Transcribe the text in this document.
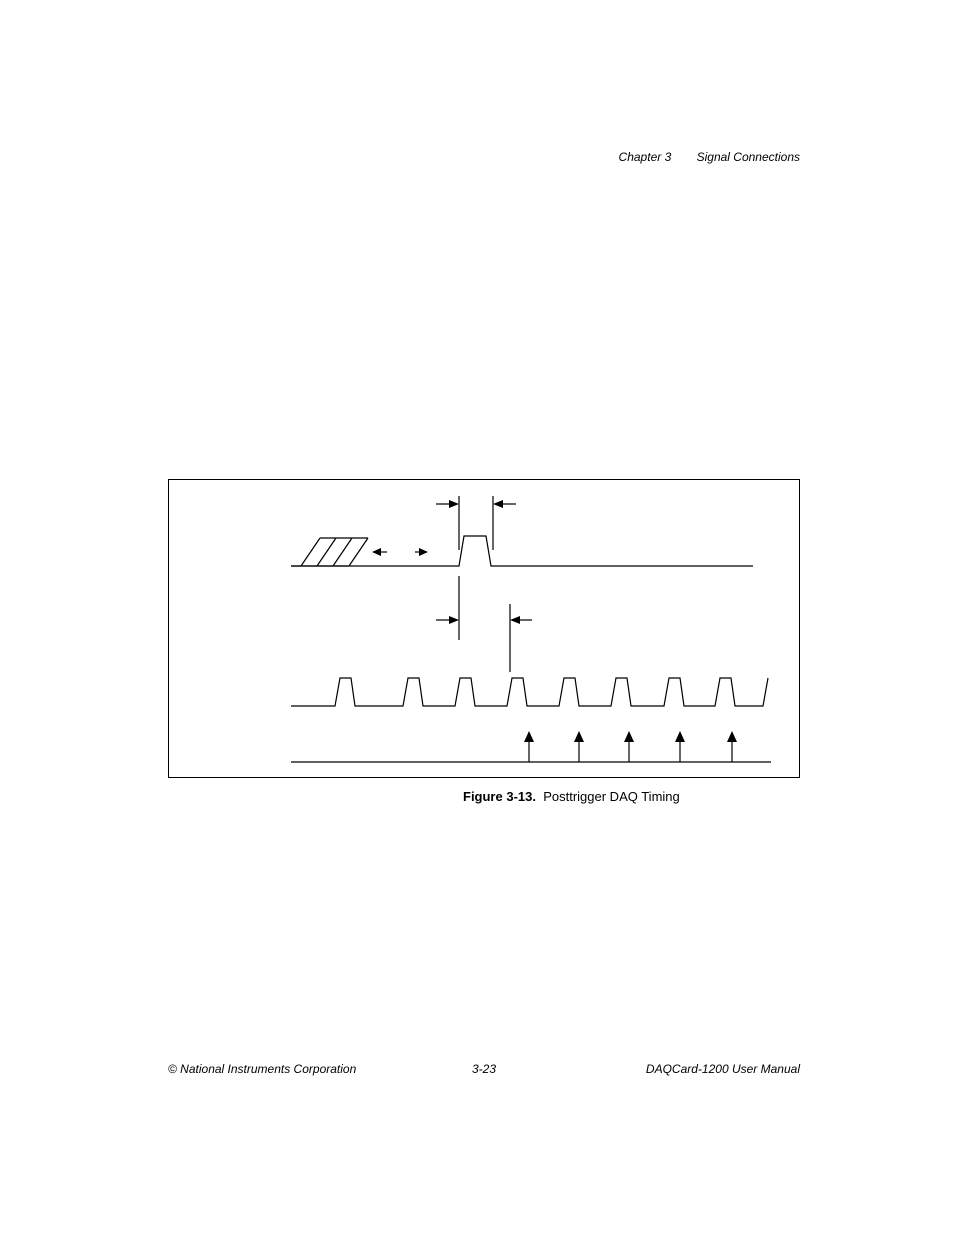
Chapter 3 Signal Connections
Figure 3-13. Posttrigger DAQ Timing
© National Instruments Corporation	3-23	DAQCard-1200 User Manual
